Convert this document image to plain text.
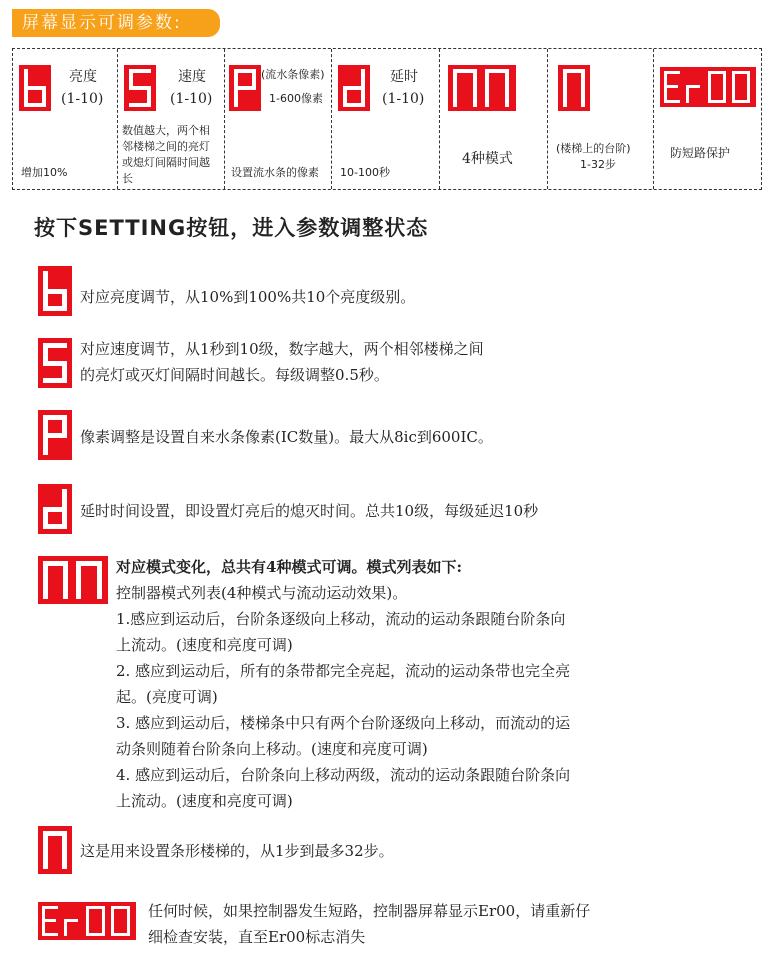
屏幕显示可调参数:
亮度
(1-10)
增加10%
速度
(1-10)
数值越大，两个相
邻楼梯之间的亮灯
或熄灯间隔时间越
长
(流水条像素)
1-600像素
设置流水条的像素
延时
(1-10)
10-100秒
4种模式
(楼梯上的台阶)
1-32步
防短路保护
按下SETTING按钮，进入参数调整状态
对应亮度调节，从10%到100%共10个亮度级别。
对应速度调节，从1秒到10级，数字越大，两个相邻楼梯之间
的亮灯或灭灯间隔时间越长。每级调整0.5秒。
像素调整是设置自来水条像素(IC数量)。最大从8ic到600IC。
延时时间设置，即设置灯亮后的熄灭时间。总共10级，每级延迟10秒
对应模式变化，总共有4种模式可调。模式列表如下:
控制器模式列表(4种模式与流动运动效果)。
1.感应到运动后，台阶条逐级向上移动，流动的运动条跟随台阶条向
上流动。(速度和亮度可调)
2. 感应到运动后，所有的条带都完全亮起，流动的运动条带也完全亮
起。(亮度可调)
3. 感应到运动后，楼梯条中只有两个台阶逐级向上移动，而流动的运
动条则随着台阶条向上移动。(速度和亮度可调)
4. 感应到运动后，台阶条向上移动两级，流动的运动条跟随台阶条向
上流动。(速度和亮度可调)
这是用来设置条形楼梯的，从1步到最多32步。
任何时候，如果控制器发生短路，控制器屏幕显示Er00，请重新仔
细检查安装，直至Er00标志消失
